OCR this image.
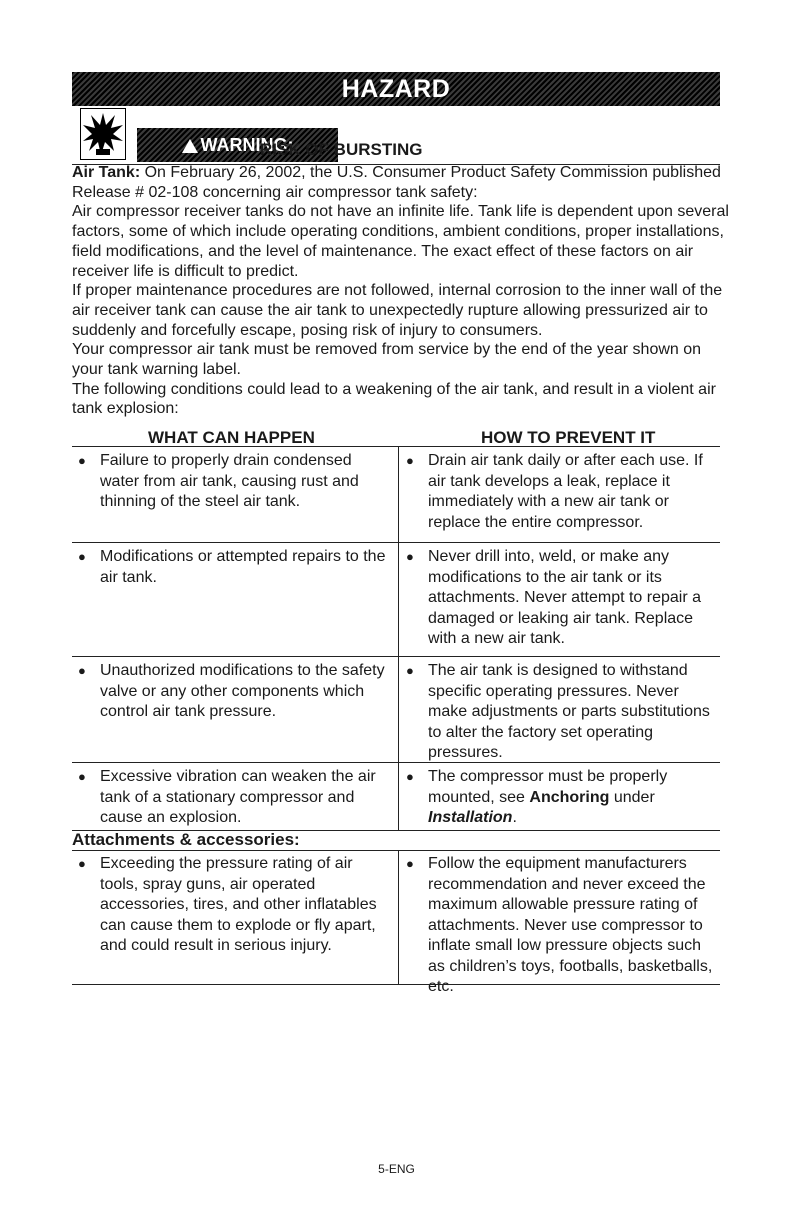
HAZARD
WARNING:
RISK OF BURSTING

Air Tank: On February 26, 2002, the U.S. Consumer Product Safety Commission published Release # 02-108 concerning air compressor tank safety:

Air compressor receiver tanks do not have an infinite life. Tank life is dependent upon several factors, some of which include operating conditions, ambient conditions, proper installations, field modifications, and the level of maintenance. The exact effect of these factors on air receiver life is difficult to predict.

If proper maintenance procedures are not followed, internal corrosion to the inner wall of the air receiver tank can cause the air tank to unexpectedly rupture allowing pressurized air to suddenly and forcefully escape, posing risk of injury to consumers.

Your compressor air tank must be removed from service by the end of the year shown on your tank warning label.

The following conditions could lead to a weakening of the air tank, and result in a violent air tank explosion:

WHAT CAN HAPPEN	HOW TO PREVENT IT
● Failure to properly drain condensed water from air tank, causing rust and thinning of the steel air tank.
● Drain air tank daily or after each use. If air tank develops a leak, replace it immediately with a new air tank or replace the entire compressor.
● Modifications or attempted repairs to the air tank.
● Never drill into, weld, or make any modifications to the air tank or its attachments. Never attempt to repair a damaged or leaking air tank. Replace with a new air tank.
● Unauthorized modifications to the safety valve or any other components which control air tank pressure.
● The air tank is designed to withstand specific operating pressures. Never make adjustments or parts substitutions to alter the factory set operating pressures.
● Excessive vibration can weaken the air tank of a stationary compressor and cause an explosion.
● The compressor must be properly mounted, see Anchoring under Installation.
Attachments & accessories:
● Exceeding the pressure rating of air tools, spray guns, air operated accessories, tires, and other inflatables can cause them to explode or fly apart, and could result in serious injury.
● Follow the equipment manufacturers recommendation and never exceed the maximum allowable pressure rating of attachments. Never use compressor to inflate small low pressure objects such as children’s toys, footballs, basketballs, etc.
5-ENG
